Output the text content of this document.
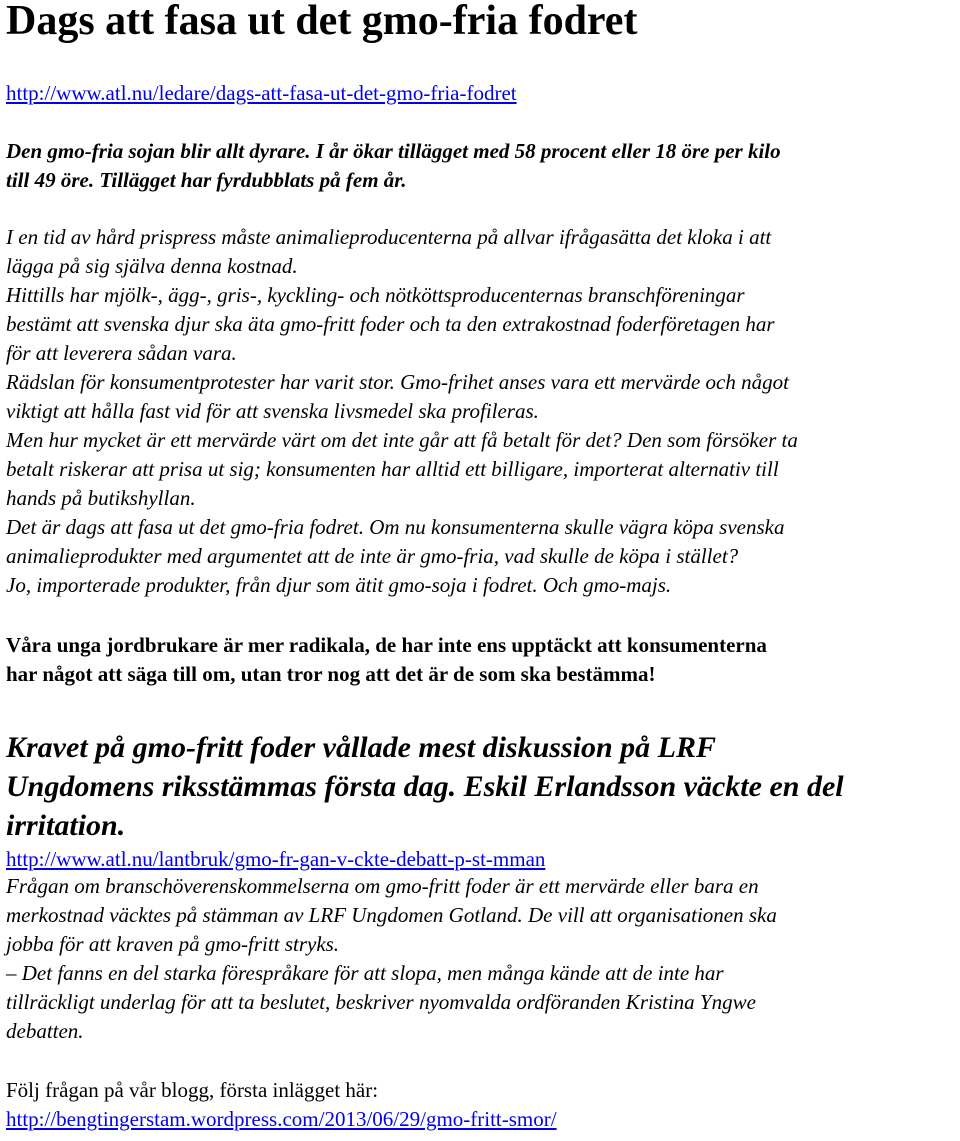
Dags att fasa ut det gmo-fria fodret
http://www.atl.nu/ledare/dags-att-fasa-ut-det-gmo-fria-fodret
Den gmo-fria sojan blir allt dyrare. I år ökar tillägget med 58 procent eller 18 öre per kilo
till 49 öre. Tillägget har fyrdubblats på fem år.
I en tid av hård prispress måste animalieproducenterna på allvar ifrågasätta det kloka i att
lägga på sig själva denna kostnad.
Hittills har mjölk-, ägg-, gris-, kyckling- och nötköttsproducenternas branschföreningar
bestämt att svenska djur ska äta gmo-fritt foder och ta den extrakostnad foderföretagen har
för att leverera sådan vara.
Rädslan för konsumentprotester har varit stor. Gmo-frihet anses vara ett mervärde och något
viktigt att hålla fast vid för att svenska livsmedel ska profileras.
Men hur mycket är ett mervärde värt om det inte går att få betalt för det? Den som försöker ta
betalt riskerar att prisa ut sig; konsumenten har alltid ett billigare, importerat alternativ till
hands på butikshyllan.
Det är dags att fasa ut det gmo-fria fodret. Om nu konsumenterna skulle vägra köpa svenska
animalieprodukter med argumentet att de inte är gmo-fria, vad skulle de köpa i stället?
Jo, importerade produkter, från djur som ätit gmo-soja i fodret. Och gmo-majs.
Våra unga jordbrukare är mer radikala, de har inte ens upptäckt att konsumenterna
har något att säga till om, utan tror nog att det är de som ska bestämma!
Kravet på gmo-fritt foder vållade mest diskussion på LRF
Ungdomens riksstämmas första dag. Eskil Erlandsson väckte en del
irritation.
http://www.atl.nu/lantbruk/gmo-fr-gan-v-ckte-debatt-p-st-mman
Frågan om branschöverenskommelserna om gmo-fritt foder är ett mervärde eller bara en
merkostnad väcktes på stämman av LRF Ungdomen Gotland. De vill att organisationen ska
jobba för att kraven på gmo-fritt stryks.
– Det fanns en del starka förespråkare för att slopa, men många kände att de inte har
tillräckligt underlag för att ta beslutet, beskriver nyomvalda ordföranden Kristina Yngwe
debatten.
Följ frågan på vår blogg, första inlägget här:
http://bengtingerstam.wordpress.com/2013/06/29/gmo-fritt-smor/
